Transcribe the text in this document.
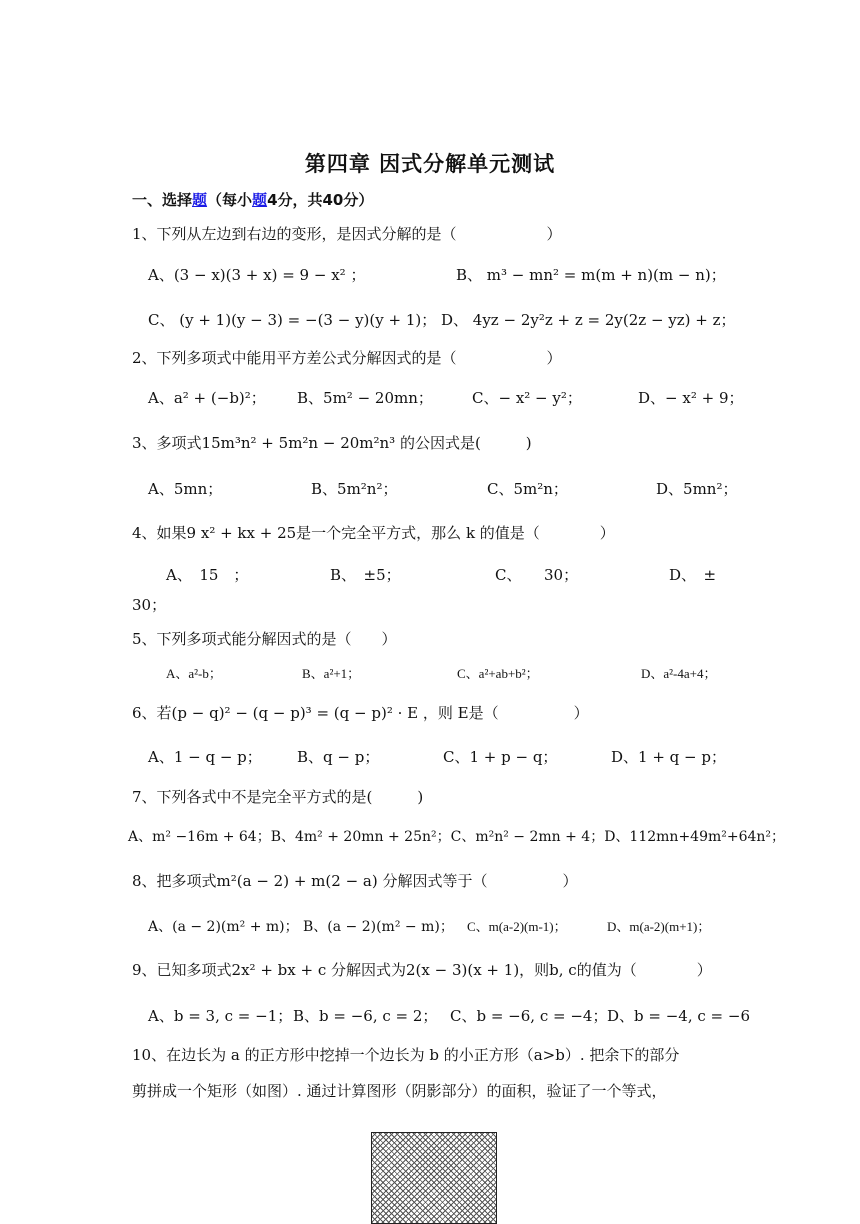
第四章 因式分解单元测试
一、选择题（每小题4分，共40分）
1、下列从左边到右边的变形，是因式分解的是（　　　　　　）
A、(3 − x)(3 + x) = 9 − x² ；	B、 m³ − mn² = m(m + n)(m − n)；
C、 (y + 1)(y − 3) = −(3 − y)(y + 1)； D、 4yz − 2y²z + z = 2y(2z − yz) + z；
2、下列多项式中能用平方差公式分解因式的是（　　　　　　）
A、a² + (−b)²； B、5m² − 20mn；	C、− x² − y²；	D、− x² + 9；
3、多项式15m³n² + 5m²n − 20m²n³ 的公因式是(　　　)
A、5mn；	B、5m²n²；	C、5m²n；	D、5mn²；
4、如果9 x² + kx + 25是一个完全平方式，那么 k 的值是（　　　　）
A、　15　；	B、　±5；	C、　　30；	D、　±
30；
5、下列多项式能分解因式的是（　　）
A、a²-b；	B、a²+1；	C、a²+ab+b²；	D、a²-4a+4；
6、若(p − q)² − (q − p)³ = (q − p)² · E ，则 E是（　　　　　）
A、1 − q − p； B、q − p；	C、1 + p − q；	D、1 + q − p；
7、下列各式中不是完全平方式的是(　　　)
A、m² −16m + 64；B、4m² + 20mn + 25n²；C、m²n² − 2mn + 4；D、112mn+49m²+64n²；
8、把多项式m²(a − 2) + m(2 − a) 分解因式等于（　　　　　）
A、(a − 2)(m² + m)； B、(a − 2)(m² − m)； C、m(a-2)(m-1)；	D、m(a-2)(m+1)；
9、已知多项式2x² + bx + c 分解因式为2(x − 3)(x + 1)，则b, c的值为（　　　　）
A、b = 3, c = −1； B、b = −6, c = 2； C、b = −6, c = −4； D、b = −4, c = −6
10、在边长为 a 的正方形中挖掉一个边长为 b 的小正方形（a>b）. 把余下的部分
剪拼成一个矩形（如图）. 通过计算图形（阴影部分）的面积，验证了一个等式，
